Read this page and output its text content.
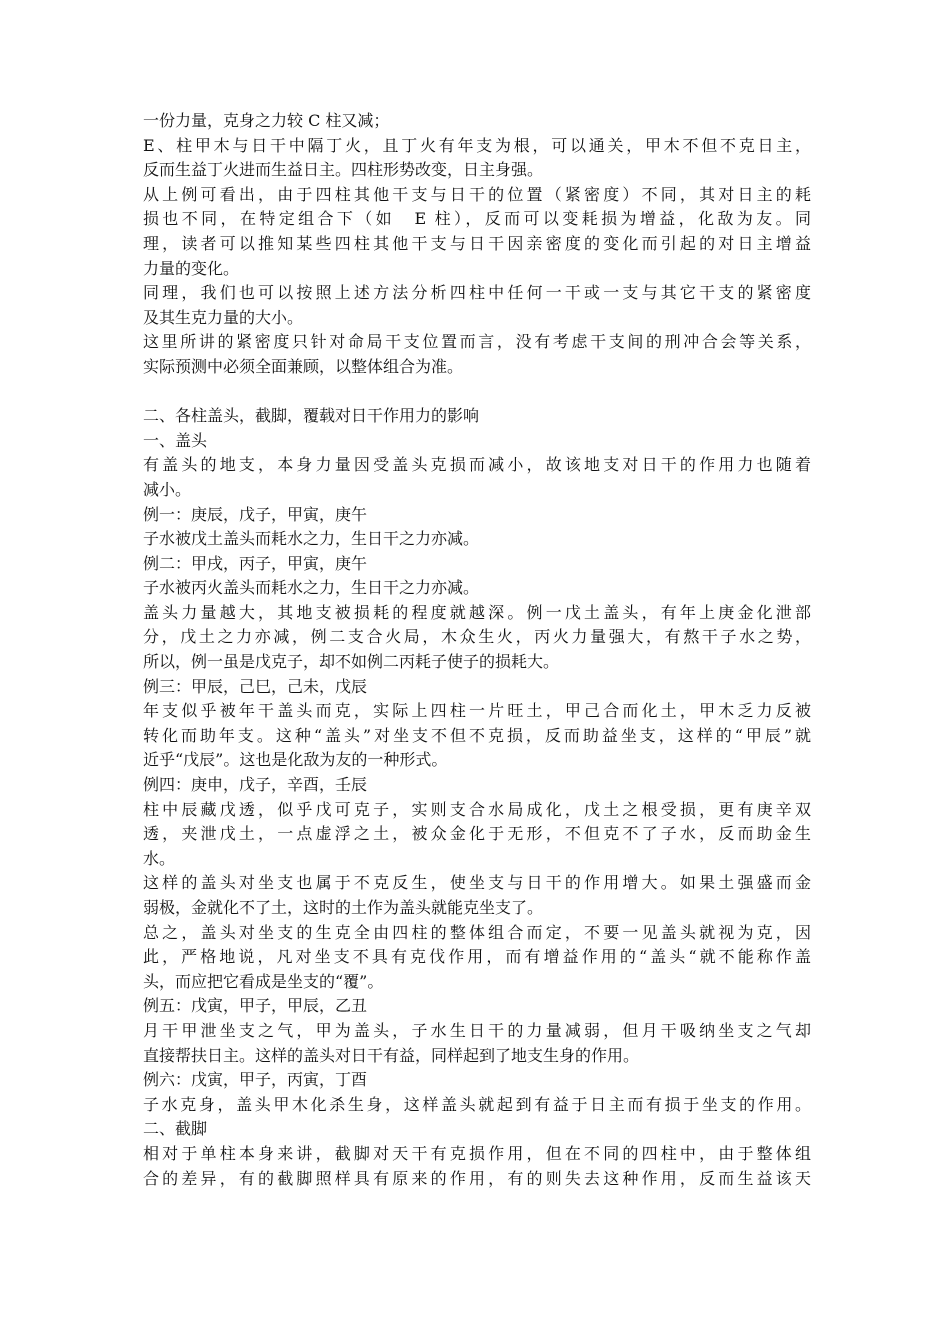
一份力量，克身之力较 C 柱又减；
E、柱甲木与日干中隔丁火，且丁火有年支为根，可以通关，甲木不但不克日主，
反而生益丁火进而生益日主。四柱形势改变，日主身强。
从上例可看出，由于四柱其他干支与日干的位置（紧密度）不同，其对日主的耗
损也不同，在特定组合下（如　E 柱），反而可以变耗损为增益，化敌为友。同
理，读者可以推知某些四柱其他干支与日干因亲密度的变化而引起的对日主增益
力量的变化。
同理，我们也可以按照上述方法分析四柱中任何一干或一支与其它干支的紧密度
及其生克力量的大小。
这里所讲的紧密度只针对命局干支位置而言，没有考虑干支间的刑冲合会等关系，
实际预测中必须全面兼顾，以整体组合为准。
二、各柱盖头，截脚，覆载对日干作用力的影响
一、盖头
有盖头的地支，本身力量因受盖头克损而减小，故该地支对日干的作用力也随着
减小。
例一：庚辰，戊子，甲寅，庚午
子水被戊土盖头而耗水之力，生日干之力亦减。
例二：甲戌，丙子，甲寅，庚午
子水被丙火盖头而耗水之力，生日干之力亦减。
盖头力量越大，其地支被损耗的程度就越深。例一戊土盖头，有年上庚金化泄部
分，戊土之力亦减，例二支合火局，木众生火，丙火力量强大，有熬干子水之势，
所以，例一虽是戊克子，却不如例二丙耗子使子的损耗大。
例三：甲辰，己巳，己未，戊辰
年支似乎被年干盖头而克，实际上四柱一片旺土，甲己合而化土，甲木乏力反被
转化而助年支。这种“盖头”对坐支不但不克损，反而助益坐支，这样的“甲辰”就
近乎“戊辰”。这也是化敌为友的一种形式。
例四：庚申，戊子，辛酉，壬辰
柱中辰藏戊透，似乎戊可克子，实则支合水局成化，戊土之根受损，更有庚辛双
透，夹泄戊土，一点虚浮之土，被众金化于无形，不但克不了子水，反而助金生
水。
这样的盖头对坐支也属于不克反生，使坐支与日干的作用增大。如果土强盛而金
弱极，金就化不了土，这时的土作为盖头就能克坐支了。
总之，盖头对坐支的生克全由四柱的整体组合而定，不要一见盖头就视为克，因
此，严格地说，凡对坐支不具有克伐作用，而有增益作用的“盖头“就不能称作盖
头，而应把它看成是坐支的“覆”。
例五：戊寅，甲子，甲辰，乙丑
月干甲泄坐支之气，甲为盖头，子水生日干的力量减弱，但月干吸纳坐支之气却
直接帮扶日主。这样的盖头对日干有益，同样起到了地支生身的作用。
例六：戊寅，甲子，丙寅，丁酉
子水克身，盖头甲木化杀生身，这样盖头就起到有益于日主而有损于坐支的作用。
二、截脚
相对于单柱本身来讲，截脚对天干有克损作用，但在不同的四柱中，由于整体组
合的差异，有的截脚照样具有原来的作用，有的则失去这种作用，反而生益该天
